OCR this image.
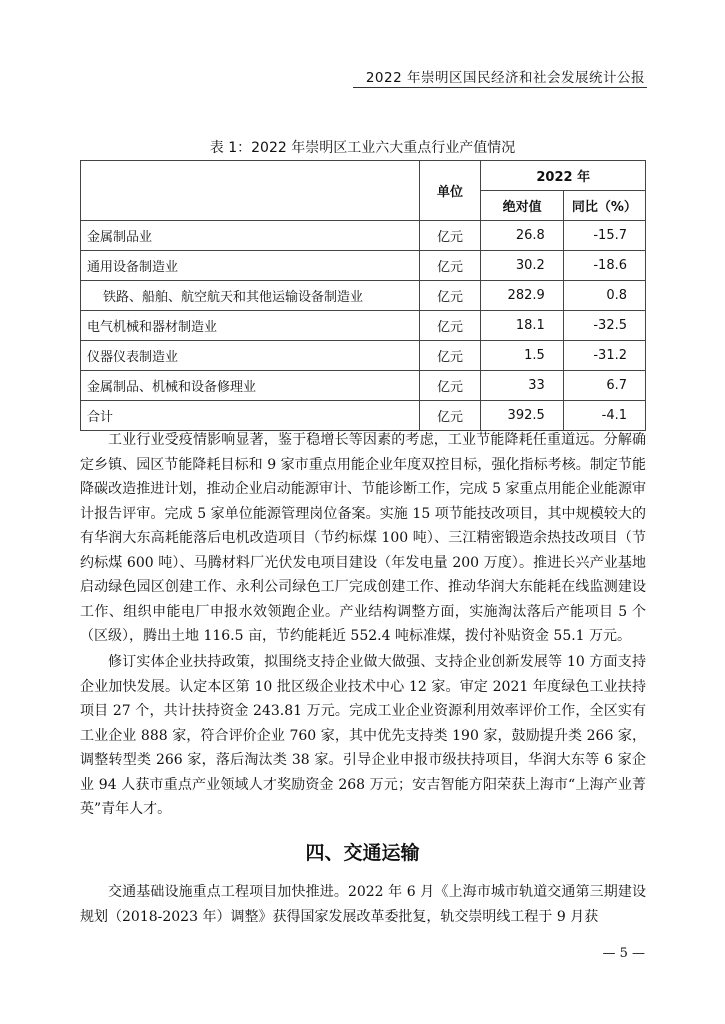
2022 年崇明区国民经济和社会发展统计公报
表 1：2022 年崇明区工业六大重点行业产值情况
	单位	2022 年	
		绝对值	同比（%）
金属制品业	亿元	26.8	-15.7
通用设备制造业	亿元	30.2	-18.6
铁路、船舶、航空航天和其他运输设备制造业	亿元	282.9	0.8
电气机械和器材制造业	亿元	18.1	-32.5
仪器仪表制造业	亿元	1.5	-31.2
金属制品、机械和设备修理业	亿元	33	6.7
合计	亿元	392.5	-4.1

工业行业受疫情影响显著，鉴于稳增长等因素的考虑，工业节能降耗任重道远。分解确定乡镇、园区节能降耗目标和 9 家市重点用能企业年度双控目标，强化指标考核。制定节能降碳改造推进计划，推动企业启动能源审计、节能诊断工作，完成 5 家重点用能企业能源审计报告评审。完成 5 家单位能源管理岗位备案。实施 15 项节能技改项目，其中规模较大的有华润大东高耗能落后电机改造项目（节约标煤 100 吨）、三江精密锻造余热技改项目（节约标煤 600 吨）、马腾材料厂光伏发电项目建设（年发电量 200 万度）。推进长兴产业基地启动绿色园区创建工作、永利公司绿色工厂完成创建工作、推动华润大东能耗在线监测建设工作、组织申能电厂申报水效领跑企业。产业结构调整方面，实施淘汰落后产能项目 5 个（区级），腾出土地 116.5 亩，节约能耗近 552.4 吨标准煤，拨付补贴资金 55.1 万元。

修订实体企业扶持政策，拟围绕支持企业做大做强、支持企业创新发展等 10 方面支持企业加快发展。认定本区第 10 批区级企业技术中心 12 家。审定 2021 年度绿色工业扶持项目 27 个，共计扶持资金 243.81 万元。完成工业企业资源利用效率评价工作，全区实有工业企业 888 家，符合评价企业 760 家，其中优先支持类 190 家，鼓励提升类 266 家，调整转型类 266 家，落后淘汰类 38 家。引导企业申报市级扶持项目，华润大东等 6 家企业 94 人获市重点产业领域人才奖励资金 268 万元；安吉智能方阳荣获上海市“上海产业菁英”青年人才。

四、交通运输

交通基础设施重点工程项目加快推进。2022 年 6 月《上海市城市轨道交通第三期建设规划（2018-2023 年）调整》获得国家发展改革委批复，轨交崇明线工程于 9 月获

— 5 —
